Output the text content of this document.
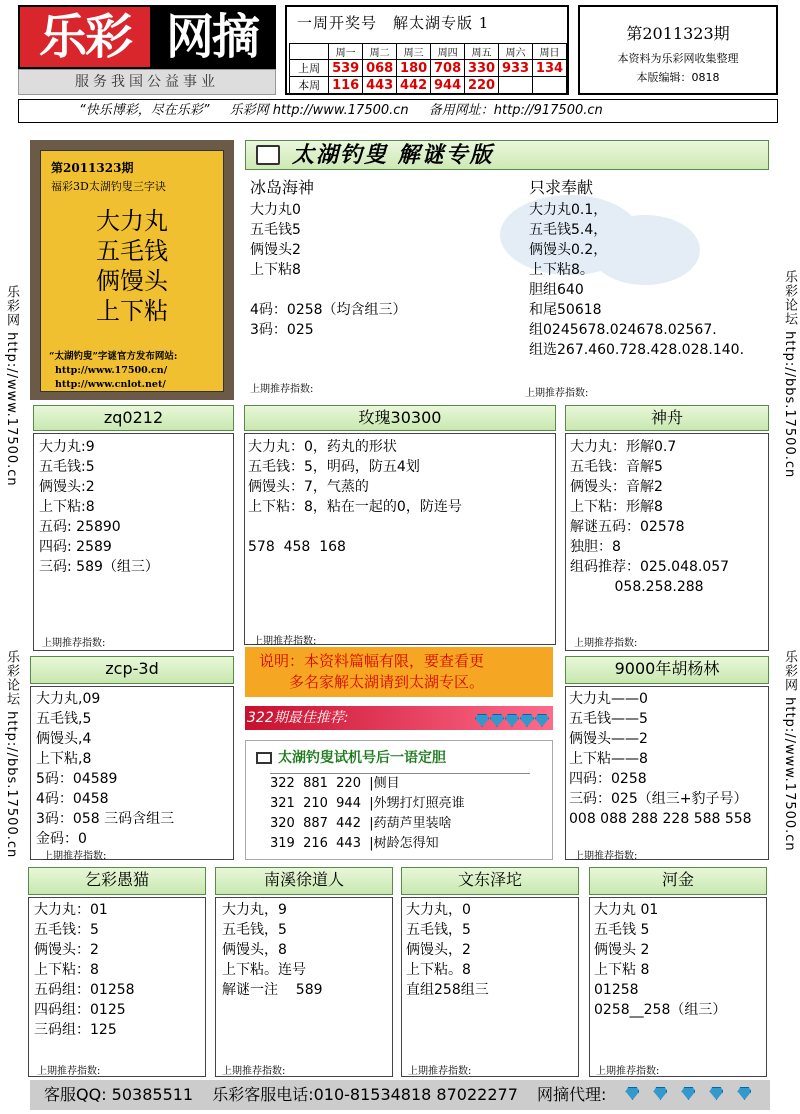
乐彩 网摘
服务我国公益事业
一周开奖号　解太湖专版 1
	周一	周二	周三	周四	周五	周六	周日
上周	539	068	180	708	330	933	134
本周	116	443	442	944	220		
第2011323期
本资料为乐彩网收集整理
本版编辑：0818
“快乐博彩，尽在乐彩” 乐彩网 http://www.17500.cn 备用网址：http://917500.cn
乐彩网 http://www.17500.cn
乐彩论坛 http://bbs.17500.cn
乐彩论坛 http://bbs.17500.cn
乐彩网 http://www.17500.cn
第2011323期
福彩3D太湖钓叟三字诀
大力丸
五毛钱
俩馒头
上下粘
“太湖钓叟”字谜官方发布网站:
http://www.17500.cn/
http://www.cnlot.net/
太湖钓叟 解谜专版
冰岛海神
大力丸0
五毛钱5
俩馒头2
上下粘8

4码：0258（均含组三）
3码：025
上期推荐指数:
只求奉献
大力丸0.1，
五毛钱5.4，
俩馒头0.2，
上下粘8。
胆组640
和尾50618
组0245678.024678.02567.
组选267.460.728.428.028.140.
上期推荐指数:
zq0212
大力丸:9
五毛钱:5
俩馒头:2
上下粘:8
五码: 25890
四码: 2589
三码: 589（组三）
上期推荐指数:
玫瑰30300
大力丸：0，药丸的形状
五毛钱：5，明码，防五4划
俩馒头：7，气蒸的
上下粘：8，粘在一起的0，防连号

578  458  168
上期推荐指数:
神舟
大力丸：形解0.7
五毛钱：音解5
俩馒头：音解2
上下粘：形解8
解谜五码：02578
独胆：8
组码推荐：025.048.057
058.258.288
上期推荐指数:
zcp-3d
大力丸,09
五毛钱,5
俩馒头,4
上下粘,8
5码：04589
4码：0458
3码：058 三码含组三
金码：0
上期推荐指数:
说明：本资料篇幅有限，要查看更
　　多名家解太湖请到太湖专区。
322期最佳推荐:
太湖钓叟试机号后一语定胆
322  881  220  |侧目
321  210  944  |外甥打灯照亮谁
320  887  442  |药葫芦里装啥
319  216  443  |树龄怎得知
9000年胡杨林
大力丸——0
五毛钱——5
俩馒头——2
上下粘——8
四码：0258
三码：025（组三+豹子号）
008 088 288 228 588 558
上期推荐指数:
乞彩愚猫
大力丸：01
五毛钱：5
俩馒头：2
上下粘：8
五码组：01258
四码组：0125
三码组：125
上期推荐指数:
南溪徐道人
大力丸，9
五毛钱，5
俩馒头，8
上下粘。连号
解谜一注    589
上期推荐指数:
文东泽坨
大力丸，0
五毛钱，5
俩馒头，2
上下粘。8
直组258组三
上期推荐指数:
河金
大力丸 01
五毛钱 5
俩馒头 2
上下粘 8
01258
0258__258（组三）
上期推荐指数:
客服QQ: 50385511 乐彩客服电话:010-81534818 87022277 网摘代理:
